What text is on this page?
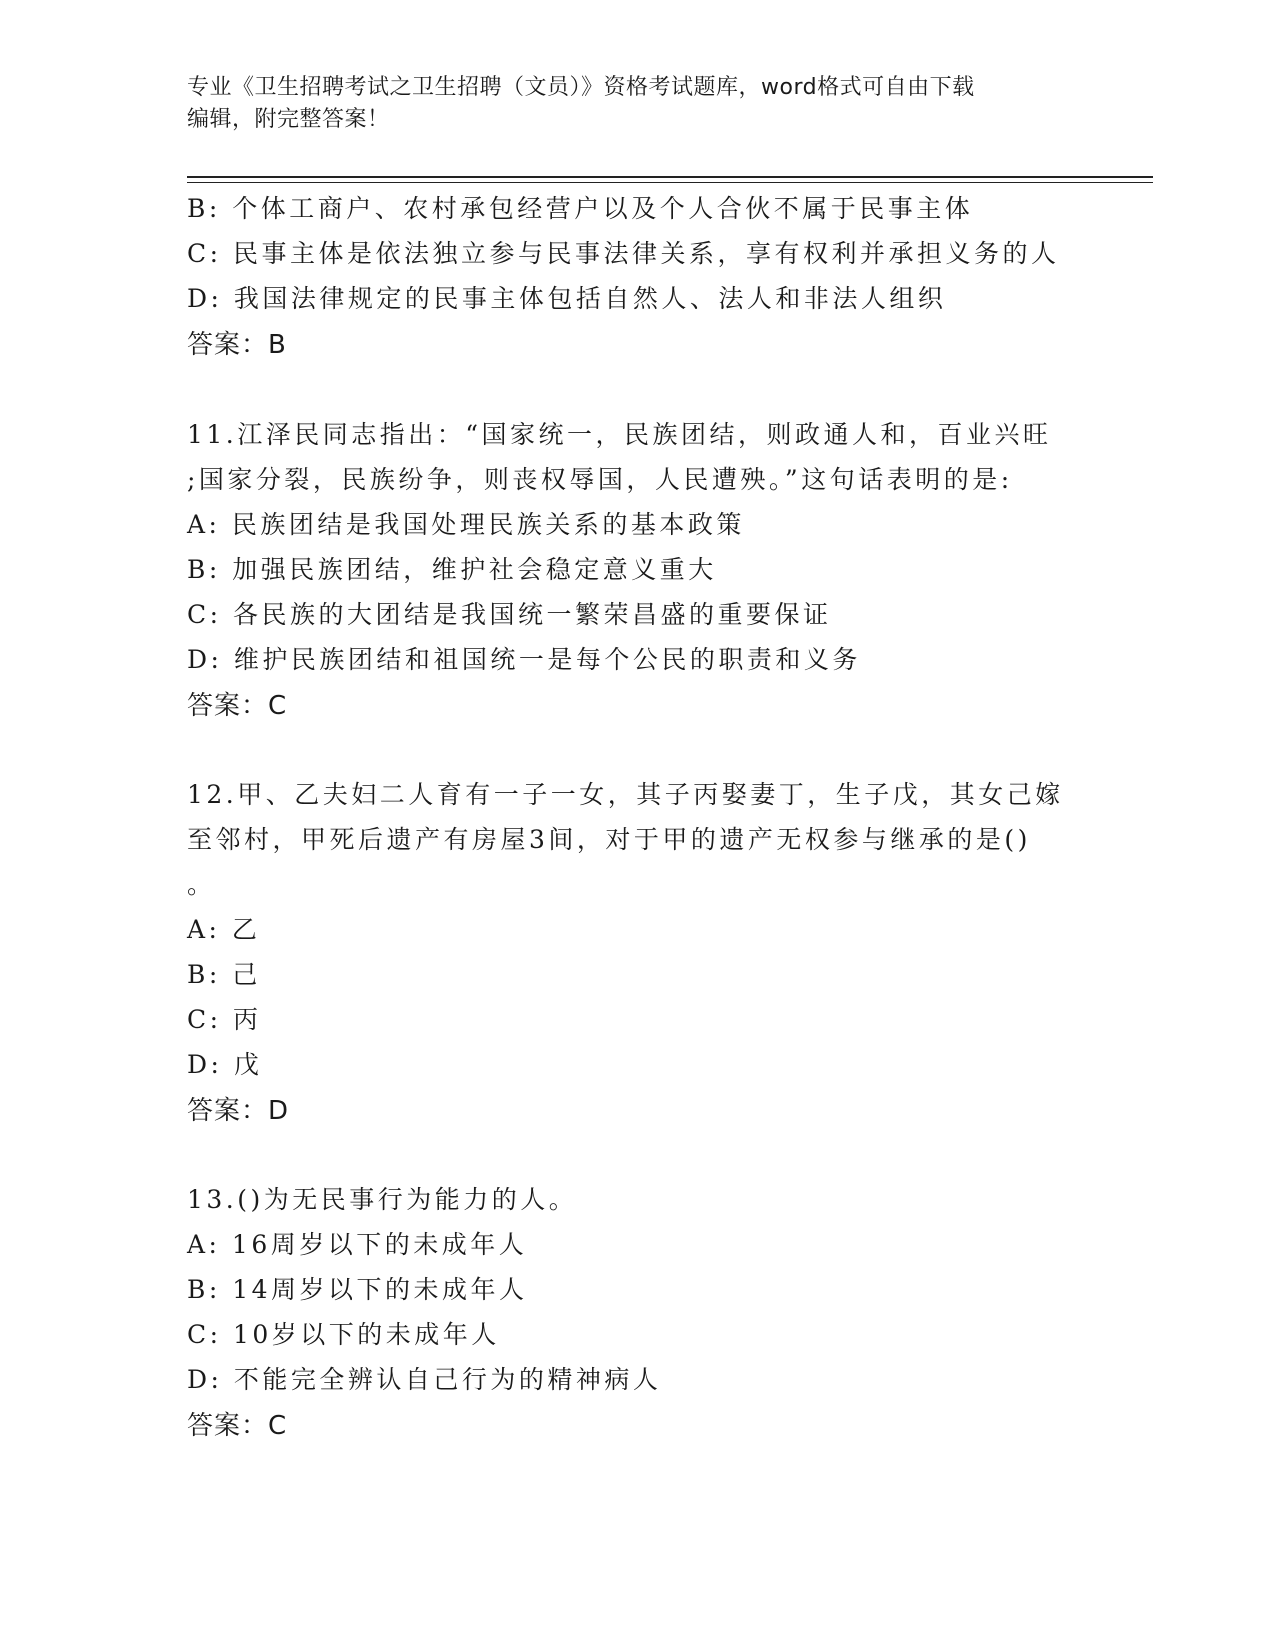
专业《卫生招聘考试之卫生招聘（文员）》资格考试题库，word格式可自由下载
编辑，附完整答案！
B: 个体工商户、农村承包经营户以及个人合伙不属于民事主体
C: 民事主体是依法独立参与民事法律关系，享有权利并承担义务的人
D: 我国法律规定的民事主体包括自然人、法人和非法人组织
答案：B
11.江泽民同志指出：“国家统一，民族团结，则政通人和，百业兴旺
;国家分裂，民族纷争，则丧权辱国，人民遭殃。”这句话表明的是:
A: 民族团结是我国处理民族关系的基本政策
B: 加强民族团结，维护社会稳定意义重大
C: 各民族的大团结是我国统一繁荣昌盛的重要保证
D: 维护民族团结和祖国统一是每个公民的职责和义务
答案：C
12.甲、乙夫妇二人育有一子一女，其子丙娶妻丁，生子戊，其女己嫁
至邻村，甲死后遗产有房屋3间，对于甲的遗产无权参与继承的是()
。
A: 乙
B: 己
C: 丙
D: 戊
答案：D
13.()为无民事行为能力的人。
A: 16周岁以下的未成年人
B: 14周岁以下的未成年人
C: 10岁以下的未成年人
D: 不能完全辨认自己行为的精神病人
答案：C
